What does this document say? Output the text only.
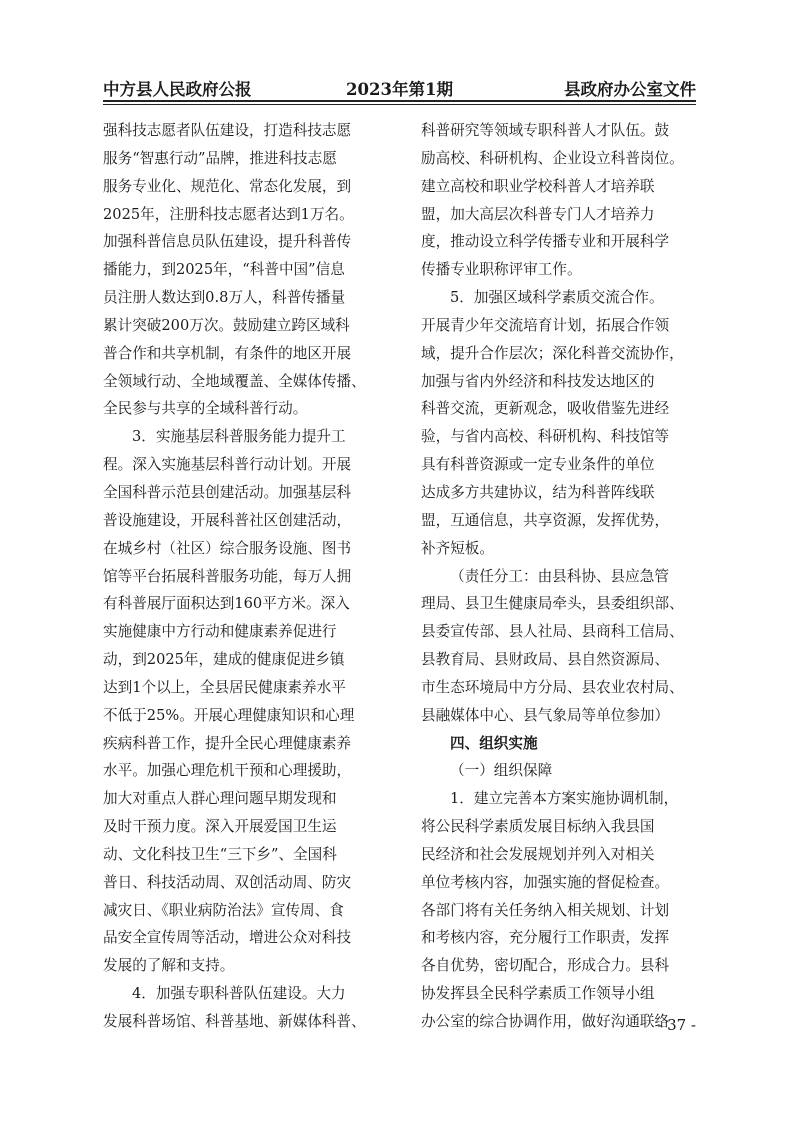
中方县人民政府公报	2023年第1期	县政府办公室文件

强科技志愿者队伍建设，打造科技志愿
服务“智惠行动”品牌，推进科技志愿
服务专业化、规范化、常态化发展，到
2025年，注册科技志愿者达到1万名。
加强科普信息员队伍建设，提升科普传
播能力，到2025年，“科普中国”信息
员注册人数达到0.8万人，科普传播量
累计突破200万次。鼓励建立跨区域科
普合作和共享机制，有条件的地区开展
全领域行动、全地域覆盖、全媒体传播、
全民参与共享的全域科普行动。

3．实施基层科普服务能力提升工
程。深入实施基层科普行动计划。开展
全国科普示范县创建活动。加强基层科
普设施建设，开展科普社区创建活动，
在城乡村（社区）综合服务设施、图书
馆等平台拓展科普服务功能，每万人拥
有科普展厅面积达到160平方米。深入
实施健康中方行动和健康素养促进行
动，到2025年，建成的健康促进乡镇
达到1个以上，全县居民健康素养水平
不低于25%。开展心理健康知识和心理
疾病科普工作，提升全民心理健康素养
水平。加强心理危机干预和心理援助，
加大对重点人群心理问题早期发现和
及时干预力度。深入开展爱国卫生运
动、文化科技卫生“三下乡”、全国科
普日、科技活动周、双创活动周、防灾
减灾日、《职业病防治法》宣传周、食
品安全宣传周等活动，增进公众对科技
发展的了解和支持。

4．加强专职科普队伍建设。大力
发展科普场馆、科普基地、新媒体科普、

科普研究等领域专职科普人才队伍。鼓
励高校、科研机构、企业设立科普岗位。
建立高校和职业学校科普人才培养联
盟，加大高层次科普专门人才培养力
度，推动设立科学传播专业和开展科学
传播专业职称评审工作。

5．加强区域科学素质交流合作。
开展青少年交流培育计划，拓展合作领
域，提升合作层次；深化科普交流协作，
加强与省内外经济和科技发达地区的
科普交流，更新观念，吸收借鉴先进经
验，与省内高校、科研机构、科技馆等
具有科普资源或一定专业条件的单位
达成多方共建协议，结为科普阵线联
盟，互通信息，共享资源，发挥优势，
补齐短板。

（责任分工：由县科协、县应急管
理局、县卫生健康局牵头，县委组织部、
县委宣传部、县人社局、县商科工信局、
县教育局、县财政局、县自然资源局、
市生态环境局中方分局、县农业农村局、
县融媒体中心、县气象局等单位参加）

四、组织实施

（一）组织保障

1．建立完善本方案实施协调机制，
将公民科学素质发展目标纳入我县国
民经济和社会发展规划并列入对相关
单位考核内容，加强实施的督促检查。
各部门将有关任务纳入相关规划、计划
和考核内容，充分履行工作职责，发挥
各自优势，密切配合，形成合力。县科
协发挥县全民科学素质工作领导小组
办公室的综合协调作用，做好沟通联络

- 37 -
